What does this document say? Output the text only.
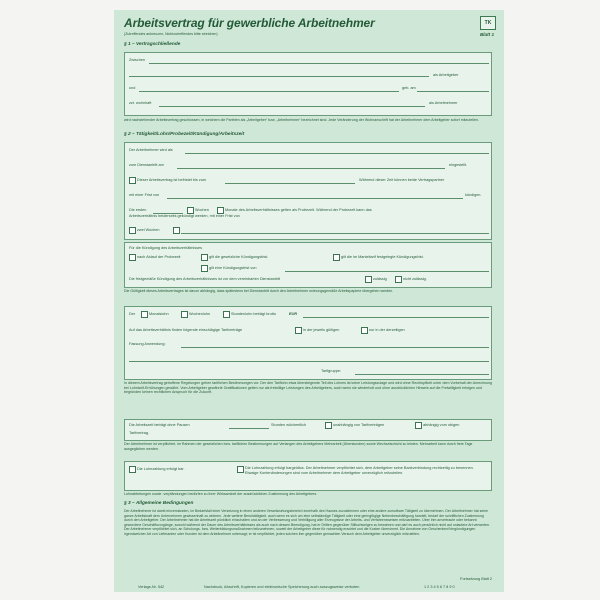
Arbeitsvertrag für gewerbliche Arbeitnehmer	TK
(Zutreffendes ankreuzen, Nichtzutreffendes bitte streichen)	Blatt 1
§ 1 – Vertragschließende
Zwischen
als Arbeitgeber
und	geb. am
zzt. wohnhaft	als Arbeitnehmer
wird nachstehender Arbeitsvertrag geschlossen, in welchem die Parteien als „Arbeitgeber“ bzw. „Arbeitnehmer“ bezeichnet sind. Jede Veränderung der Wohnanschrift hat der Arbeitnehmer dem Arbeitgeber sofort mitzuteilen.
§ 2 – Tätigkeit/Lohn/Probezeit/Kündigung/Arbeitszeit
Der Arbeitnehmer wird als
zum Dienstantritt am	eingestellt.
Dieser Arbeitsvertrag ist befristet bis zum	Während dieser Zeit können beide Vertragspartner
mit einer Frist von	kündigen.
Die ersten	Wochen	Monate des Arbeitsverhältnisses gelten als Probezeit. Während der Probezeit kann das
Arbeitsverhältnis beiderseits gekündigt werden, mit einer Frist von
zwei Wochen
Für die Kündigung des Arbeitsverhältnisses
nach Ablauf der Probezeit	gilt die gesetzliche Kündigungsfrist.	gilt die im Manteltarif festgelegte Kündigungsfrist.
gilt eine Kündigungsfrist von
Die fristgemäße Kündigung des Arbeitsverhältnisses ist vor dem vereinbarten Dienstantritt	zulässig	nicht zulässig.
Die Gültigkeit dieses Arbeitsvertrages ist davon abhängig, dass spätestens bei Dienstantritt durch den Arbeitnehmer ordnungsgemäße Arbeitspapiere übergeben werden.
Der	Monatslohn	Wochenlohn	Stundenlohn beträgt brutto	EUR
Auf das Arbeitsverhältnis finden folgende einschlägige Tarifverträge	in der jeweils gültigen	nur in der derzeitigen
Fassung Anwendung:
Tarifgruppe:
In diesem Arbeitsvertrag getroffene Regelungen gehen tariflichen Bestimmungen vor. Der den Tariflohn etwa übersteigende Teil des Lohnes ist keine Leistungszulage und wird ohne Rechtspflicht unter dem Vorbehalt der Anrechnung bei Lohntarif-Erhöhungen gewährt. Vom Arbeitgeber gewährte Gratifikationen gelten nur als freiwillige Leistungen des Arbeitgebers, auch wenn sie wiederholt und ohne ausdrücklichen Hinweis auf die Freiwilligkeit erfolgen und begründen keinen rechtlichen Anspruch für die Zukunft.
Die Arbeitszeit beträgt ohne Pausen	Stunden wöchentlich	unabhängig von Tarifverträgen	abhängig vom obigen
Tarifvertrag.
Der Arbeitnehmer ist verpflichtet, im Rahmen der gesetzlichen bzw. tariflichen Bestimmungen auf Verlangen des Arbeitgebers Mehrarbeit (Überstunden) sowie Wechselschicht zu leisten. Mehrarbeit kann durch freie Tage ausgeglichen werden.
Die Lohnzahlung erfolgt bar.	Die Lohnzahlung erfolgt bargeldlos. Der Arbeitnehmer verpflichtet sich, dem Arbeitgeber seine Bankverbindung rechtzeitig zu benennen. Etwaige Kontenänderungen sind vom Arbeitnehmer dem Arbeitgeber unverzüglich mitzuteilen.
Lohnabtretungen sowie -verpfändungen bedürfen zu ihrer Wirksamkeit der ausdrücklichen Zustimmung des Arbeitgebers.
§ 3 – Allgemeine Bedingungen
Der Arbeitnehmer ist damit einverstanden, im Bedarfsfall einer Versetzung in einen anderen Verantwortungsbereich innerhalb des Hauses zuzustimmen oder eine andere zumutbare Tätigkeit zu übernehmen. Der Arbeitnehmer hat seine ganze Arbeitskraft dem Unternehmen gewissenhaft zu widmen. Jede weitere Berufstätigkeit, auch wenn es sich um eine selbständige Tätigkeit oder eine geringfügige Nebenbeschäftigung handelt, bedarf der schriftlichen Zustimmung durch den Arbeitgeber. Der Arbeitnehmer hat die Arbeitszeit pünktlich einzuhalten und an der Verbesserung und Verbilligung aller Erzeugnisse der Arbeits- und Verfahrensweisen mitzuarbeiten. Über ihm anvertraute oder bekannt gewordene Geschäftsvorgänge, sowohl während der Dauer des Arbeitsverhältnisses als auch nach dessen Beendigung, hat er Dritten gegenüber Stillschweigen zu bewahren und darf es auch persönlich nicht auf unlautere Art verwerten. Der Arbeitnehmer verpflichtet sich, an Schulungs- bzw. Weiterbildungsmaßnahmen teilzunehmen, soweit der Arbeitgeber diese für notwendig erachtet und die Kosten übernimmt. Die Annahme von Geschenken/Vergünstigungen irgendwelcher Art von Lieferanten oder Kunden ist dem Arbeitnehmer untersagt; er ist verpflichtet, jeden solchen ihm gegenüber gemachten Versuch dem Arbeitgeber unverzüglich mitzuteilen.
Fortsetzung Blatt 2
Verlags-Nr. 542	Nachdruck, Abschrift, Kopieren und elektronische Speicherung auch auszugsweise verboten	1 2 3 4 5 6 7 8 9 0
